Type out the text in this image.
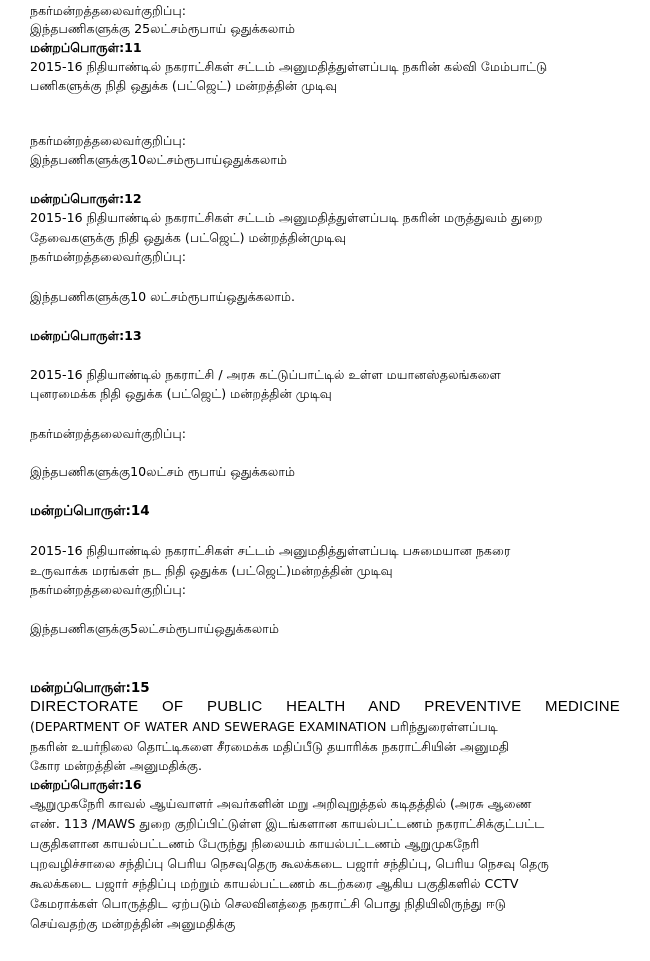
நகர்மன்றத்தலைவர்குறிப்பு:

இந்தபணிகளுக்கு 25லட்சம்ரூபாய் ஒதுக்கலாம்

மன்றப்பொருள்:11

2015-16 நிதியாண்டில் நகராட்சிகள் சட்டம் அனுமதித்துள்ளப்படி நகரின் கல்வி மேம்பாட்டு

பணிகளுக்கு நிதி ஒதுக்க (பட்ஜெட்) மன்றத்தின் முடிவு

நகர்மன்றத்தலைவர்குறிப்பு:

இந்தபணிகளுக்கு10லட்சம்ரூபாய்ஒதுக்கலாம்

மன்றப்பொருள்:12

2015-16 நிதியாண்டில் நகராட்சிகள் சட்டம் அனுமதித்துள்ளப்படி நகரின் மருத்துவம் துறை

தேவைகளுக்கு நிதி ஒதுக்க (பட்ஜெட்) மன்றத்தின்முடிவு

நகர்மன்றத்தலைவர்குறிப்பு:

இந்தபணிகளுக்கு10 லட்சம்ரூபாய்ஒதுக்கலாம்.

மன்றப்பொருள்:13

2015-16 நிதியாண்டில் நகராட்சி / அரசு கட்டுப்பாட்டில் உள்ள மயானஸ்தலங்களை

புனரமைக்க நிதி ஒதுக்க (பட்ஜெட்) மன்றத்தின் முடிவு

நகர்மன்றத்தலைவர்குறிப்பு:

இந்தபணிகளுக்கு10லட்சம் ரூபாய் ஒதுக்கலாம்

மன்றப்பொருள்:14

2015-16 நிதியாண்டில் நகராட்சிகள் சட்டம் அனுமதித்துள்ளப்படி பசுமையான நகரை

உருவாக்க மரங்கள் நட நிதி ஒதுக்க (பட்ஜெட்)மன்றத்தின் முடிவு

நகர்மன்றத்தலைவர்குறிப்பு:

இந்தபணிகளுக்கு5லட்சம்ரூபாய்ஒதுக்கலாம்

மன்றப்பொருள்:15

DIRECTORATE OF PUBLIC HEALTH AND PREVENTIVE MEDICINE

(DEPARTMENT OF WATER AND SEWERAGE EXAMINATION பரிந்துரைள்ளப்படி

நகரின் உயர்நிலை தொட்டிகளை சீரமைக்க மதிப்பீடு தயாரிக்க நகராட்சியின் அனுமதி

கோர மன்றத்தின் அனுமதிக்கு.

மன்றப்பொருள்:16

ஆறுமுகநேரி காவல் ஆய்வாளர் அவர்களின் மறு அறிவுறுத்தல் கடிதத்தில் (அரசு ஆணை

எண். 113 /MAWS துறை குறிப்பிட்டுள்ள இடங்களான காயல்பட்டணம் நகராட்சிக்குட்பட்ட

பகுதிகளான காயல்பட்டணம் பேருந்து நிலையம் காயல்பட்டணம் ஆறுமுகநேரி

புறவழிச்சாலை சந்திப்பு பெரிய நெசவுதெரு கூலக்கடை பஜார் சந்திப்பு, பெரிய நெசவு தெரு

கூலக்கடை பஜார் சந்திப்பு மற்றும் காயல்பட்டணம் கடற்கரை ஆகிய பகுதிகளில் CCTV

கேமராக்கள் பொருத்திட ஏற்படும் செலவினத்தை நகராட்சி பொது நிதியிலிருந்து ஈடு

செய்வதற்கு மன்றத்தின் அனுமதிக்கு
